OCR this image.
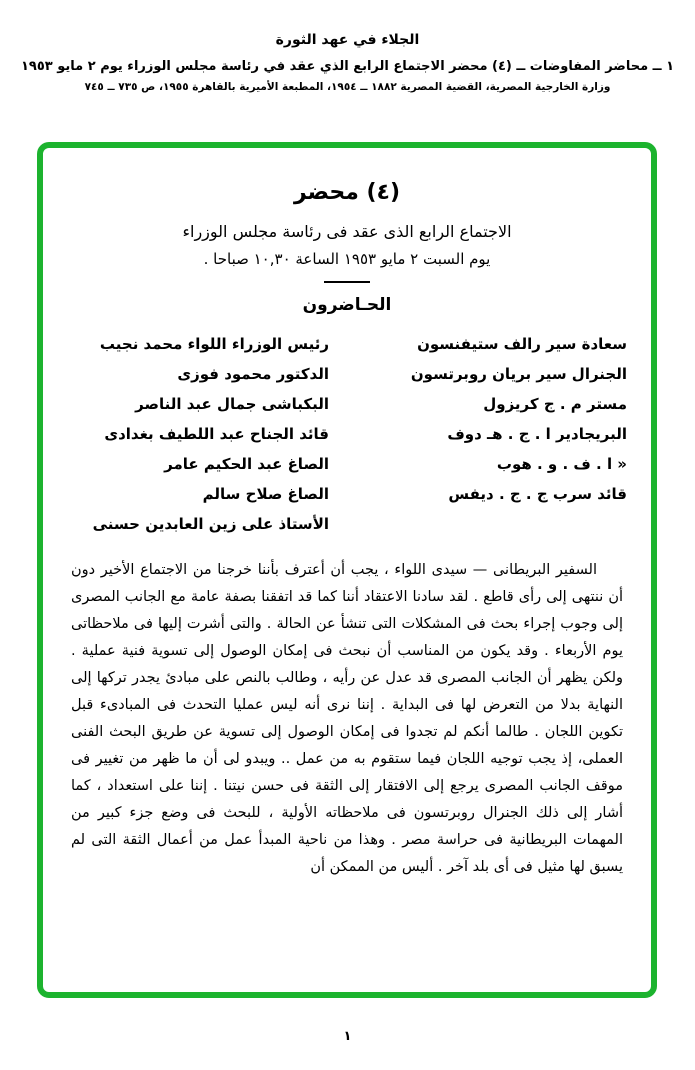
الجلاء في عهد الثورة
١ ــ محاضر المفاوضات ــ (٤) محضر الاجتماع الرابع الذي عقد في رئاسة مجلس الوزراء يوم ٢ مايو ١٩٥٣
وزارة الخارجية المصرية، القضية المصرية ١٨٨٢ ــ ١٩٥٤، المطبعة الأميرية بالقاهرة ١٩٥٥، ص ٧٣٥ ــ ٧٤٥
(٤) محضر
الاجتماع الرابع الذى عقد فى رئاسة مجلس الوزراء
يوم السبت ٢ مايو ١٩٥٣ الساعة ١٠,٣٠ صباحا .
الحـاضرون
سعادة سير رالف ستيفنسون
رئيس الوزراء اللواء محمد نجيب
الجنرال سير بريان روبرتسون
الدكتور محمود فوزى
مستر م . ج كريزول
البكباشى جمال عبد الناصر
البريجادير ا . ج . هـ دوف
قائد الجناح عبد اللطيف بغدادى
« ا . ف . و . هوب
الصاغ عبد الحكيم عامر
قائد سرب ج . ج . ديفس
الصاغ صلاح سالم
الأستاذ على زين العابدين حسنى

السفير البريطانى — سيدى اللواء ، يجب أن أعترف بأننا خرجنا من الاجتماع الأخير دون أن ننتهى إلى رأى قاطع . لقد سادنا الاعتقاد أننا كما قد اتفقنا بصفة عامة مع الجانب المصرى إلى وجوب إجراء بحث فى المشكلات التى تنشأ عن الحالة . والتى أشرت إليها فى ملاحظاتى يوم الأربعاء . وقد يكون من المناسب أن نبحث فى إمكان الوصول إلى تسوية فنية عملية . ولكن يظهر أن الجانب المصرى قد عدل عن رأيه ، وطالب بالنص على مبادئ يجدر تركها إلى النهاية بدلا من التعرض لها فى البداية . إننا نرى أنه ليس عمليا التحدث فى المبادىء قبل تكوين اللجان . طالما أنكم لم تجدوا فى إمكان الوصول إلى تسوية عن طريق البحث الفنى العملى، إذ يجب توجيه اللجان فيما ستقوم به من عمل .. ويبدو لى أن ما ظهر من تغيير فى موقف الجانب المصرى يرجع إلى الافتقار إلى الثقة فى حسن نيتنا . إننا على استعداد ، كما أشار إلى ذلك الجنرال روبرتسون فى ملاحظاته الأولية ، للبحث فى وضع جزء كبير من المهمات البريطانية فى حراسة مصر . وهذا من ناحية المبدأ عمل من أعمال الثقة التى لم يسبق لها مثيل فى أى بلد آخر . أليس من الممكن أن

١
